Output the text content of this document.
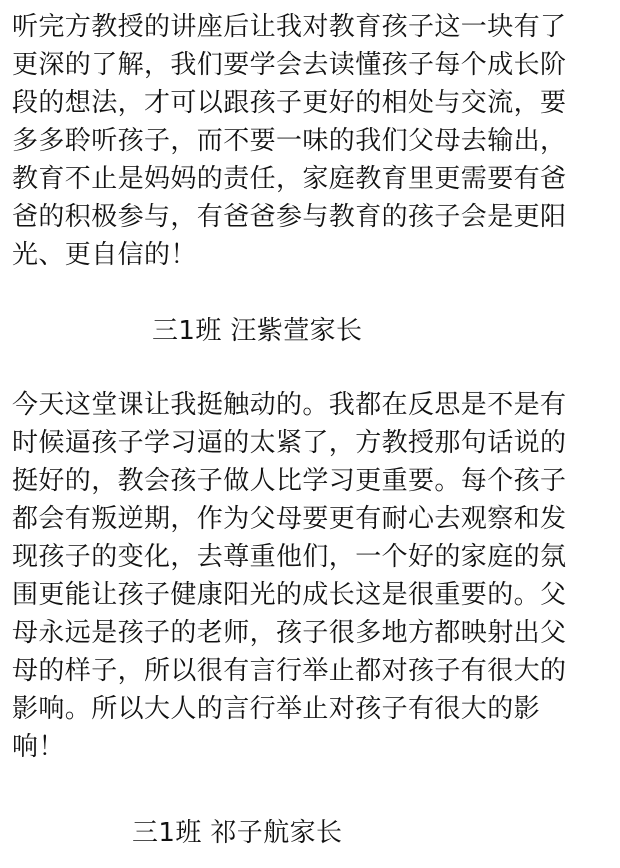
听完方教授的讲座后让我对教育孩子这一块有了
更深的了解，我们要学会去读懂孩子每个成长阶
段的想法，才可以跟孩子更好的相处与交流，要
多多聆听孩子，而不要一味的我们父母去输出，
教育不止是妈妈的责任，家庭教育里更需要有爸
爸的积极参与，有爸爸参与教育的孩子会是更阳
光、更自信的！
三1班 汪紫萱家长
今天这堂课让我挺触动的。我都在反思是不是有
时候逼孩子学习逼的太紧了，方教授那句话说的
挺好的，教会孩子做人比学习更重要。每个孩子
都会有叛逆期，作为父母要更有耐心去观察和发
现孩子的变化，去尊重他们，一个好的家庭的氛
围更能让孩子健康阳光的成长这是很重要的。父
母永远是孩子的老师，孩子很多地方都映射出父
母的样子，所以很有言行举止都对孩子有很大的
影响。所以大人的言行举止对孩子有很大的影
响！
三1班 祁子航家长
